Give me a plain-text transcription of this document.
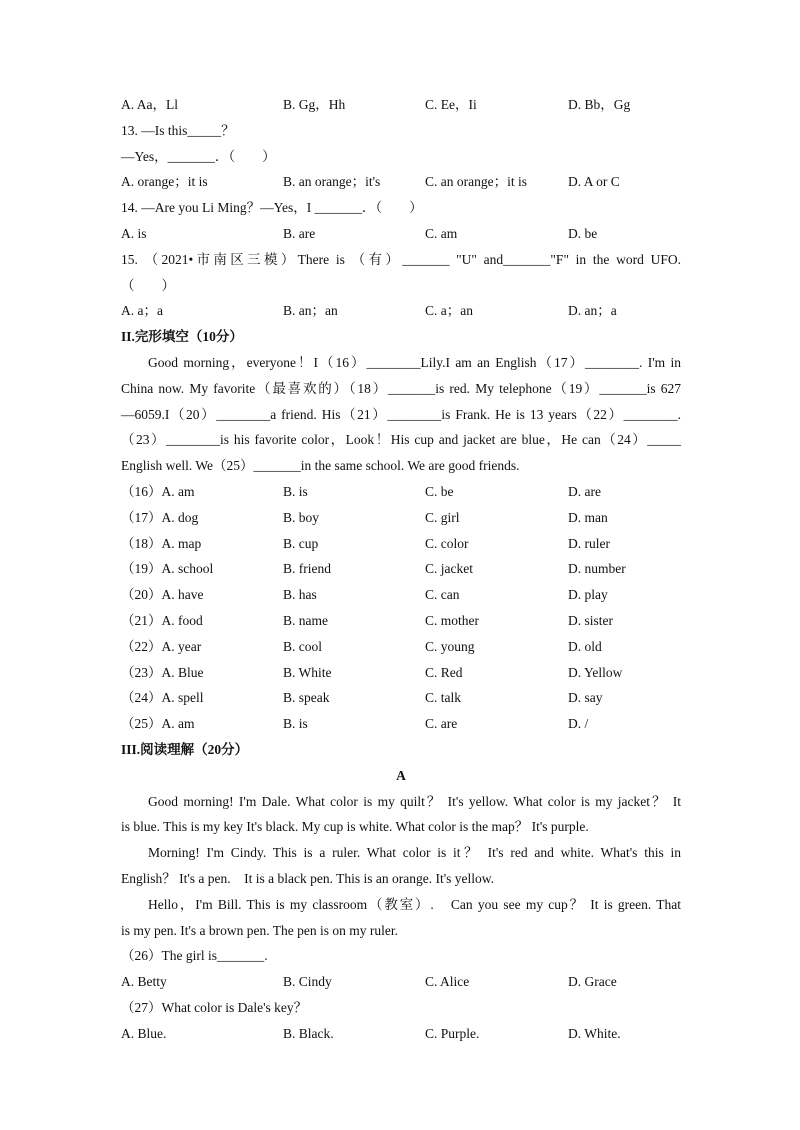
A. Aa，Ll	B. Gg，Hh	C. Ee，Ii	D. Bb，Gg
13. —Is this_____？
—Yes，_______．（　　）
A. orange；it is	B. an orange；it's	C. an orange；it is	D. A or C
14. —Are you Li Ming？—Yes，I _______．（　　）
A. is	B. are	C. am	D. be
15. （2021•市南区三模）There is （有）_______ "U" and_______"F" in the word UFO.
（　　）
A. a；a	B. an；an	C. a；an	D. an；a
II.完形填空（10分）
Good morning，everyone！I（16）________Lily.I am an English（17）________. I'm in
China now. My favorite（最喜欢的）（18）_______is red. My telephone（19）_______is 627
—6059.I（20）________a friend. His（21）________is Frank. He is 13 years（22）________.
（23）________is his favorite color，Look！His cup and jacket are blue，He can（24）_____
English well. We（25）_______in the same school. We are good friends.
（16）A. am	B. is	C. be	D. are
（17）A. dog	B. boy	C. girl	D. man
（18）A. map	B. cup	C. color	D. ruler
（19）A. school	B. friend	C. jacket	D. number
（20）A. have	B. has	C. can	D. play
（21）A. food	B. name	C. mother	D. sister
（22）A. year	B. cool	C. young	D. old
（23）A. Blue	B. White	C. Red	D. Yellow
（24）A. spell	B. speak	C. talk	D. say
（25）A. am	B. is	C. are	D. /
III.阅读理解（20分）
A
Good morning! I'm Dale. What color is my quilt？ It's yellow. What color is my jacket？ It
is blue. This is my key It's black. My cup is white. What color is the map？ It's purple.
Morning! I'm Cindy. This is a ruler. What color is it？ It's red and white. What's this in
English？ It's a pen.　It is a black pen. This is an orange. It's yellow.
Hello，I'm Bill. This is my classroom（教室）.　Can you see my cup？ It is green. That
is my pen. It's a brown pen. The pen is on my ruler.
（26）The girl is_______.
A. Betty	B. Cindy	C. Alice	D. Grace
（27）What color is Dale's key？
A. Blue.	B. Black.	C. Purple.	D. White.
